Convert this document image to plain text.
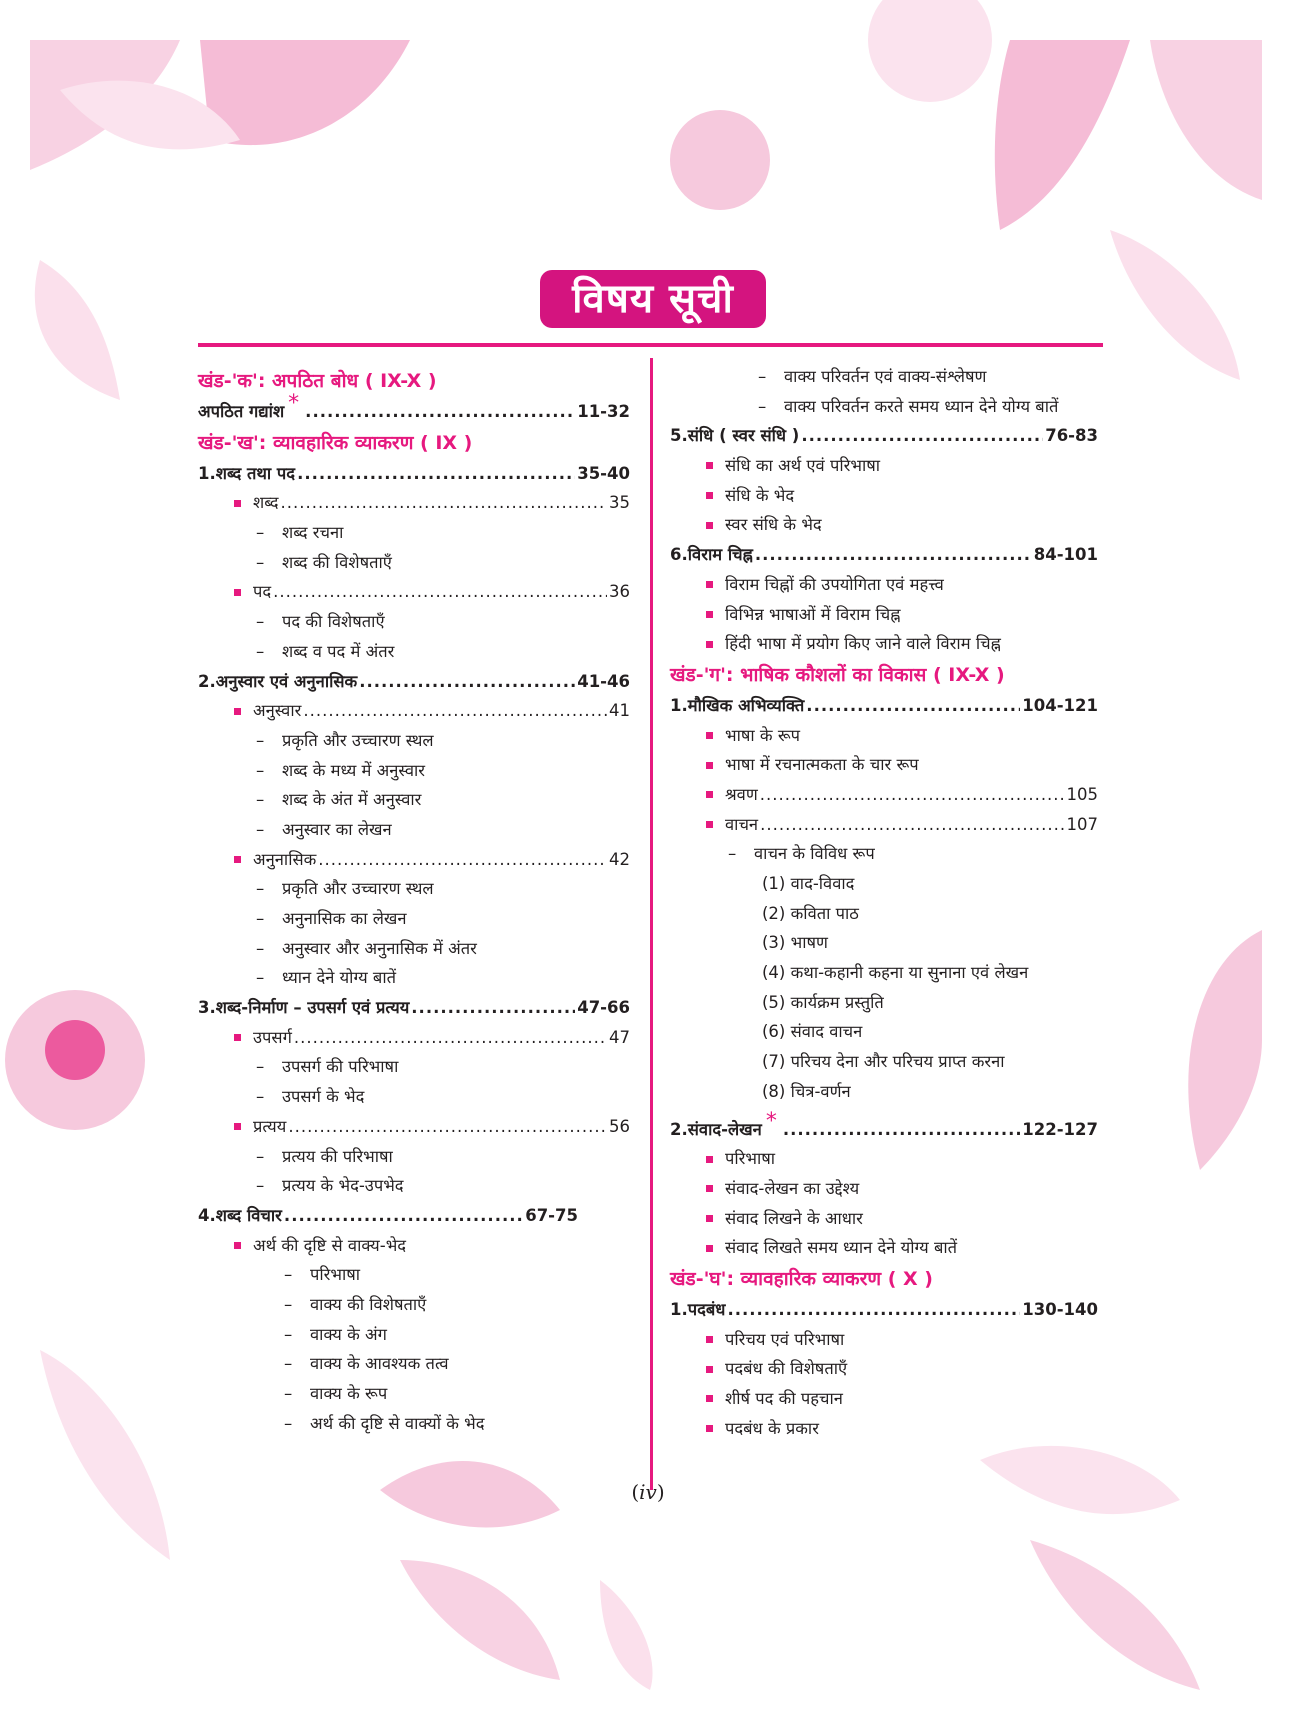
विषय सूची
खंड-'क': अपठित बोध ( IX-X )
अपठित गद्यांश * .....	11-32
खंड-'ख': व्यावहारिक व्याकरण ( IX )
1. शब्द तथा पद .....	35-40
शब्द .....	35
– शब्द रचना
– शब्द की विशेषताएँ
पद .....	36
– पद की विशेषताएँ
– शब्द व पद में अंतर
2. अनुस्वार एवं अनुनासिक .....	41-46
अनुस्वार .....	41
– प्रकृति और उच्चारण स्थल
– शब्द के मध्य में अनुस्वार
– शब्द के अंत में अनुस्वार
– अनुस्वार का लेखन
अनुनासिक .....	42
– प्रकृति और उच्चारण स्थल
– अनुनासिक का लेखन
– अनुस्वार और अनुनासिक में अंतर
– ध्यान देने योग्य बातें
3. शब्द-निर्माण – उपसर्ग एवं प्रत्यय .....	47-66
उपसर्ग .....	47
– उपसर्ग की परिभाषा
– उपसर्ग के भेद
प्रत्यय .....	56
– प्रत्यय की परिभाषा
– प्रत्यय के भेद-उपभेद
4. शब्द विचार .....	67-75
अर्थ की दृष्टि से वाक्य-भेद
– परिभाषा
– वाक्य की विशेषताएँ
– वाक्य के अंग
– वाक्य के आवश्यक तत्व
– वाक्य के रूप
– अर्थ की दृष्टि से वाक्यों के भेद
– वाक्य परिवर्तन एवं वाक्य-संश्लेषण
– वाक्य परिवर्तन करते समय ध्यान देने योग्य बातें
5. संधि ( स्वर संधि ) .....	76-83
संधि का अर्थ एवं परिभाषा
संधि के भेद
स्वर संधि के भेद
6. विराम चिह्न .....	84-101
विराम चिह्नों की उपयोगिता एवं महत्त्व
विभिन्न भाषाओं में विराम चिह्न
हिंदी भाषा में प्रयोग किए जाने वाले विराम चिह्न
खंड-'ग': भाषिक कौशलों का विकास ( IX-X )
1. मौखिक अभिव्यक्ति .....	104-121
भाषा के रूप
भाषा में रचनात्मकता के चार रूप
श्रवण .....	105
वाचन .....	107
– वाचन के विविध रूप
(1) वाद-विवाद
(2) कविता पाठ
(3) भाषण
(4) कथा-कहानी कहना या सुनाना एवं लेखन
(5) कार्यक्रम प्रस्तुति
(6) संवाद वाचन
(7) परिचय देना और परिचय प्राप्त करना
(8) चित्र-वर्णन
2. संवाद-लेखन * .....	122-127
परिभाषा
संवाद-लेखन का उद्देश्य
संवाद लिखने के आधार
संवाद लिखते समय ध्यान देने योग्य बातें
खंड-'घ': व्यावहारिक व्याकरण ( X )
1. पदबंध .....	130-140
परिचय एवं परिभाषा
पदबंध की विशेषताएँ
शीर्ष पद की पहचान
पदबंध के प्रकार
(iv)
